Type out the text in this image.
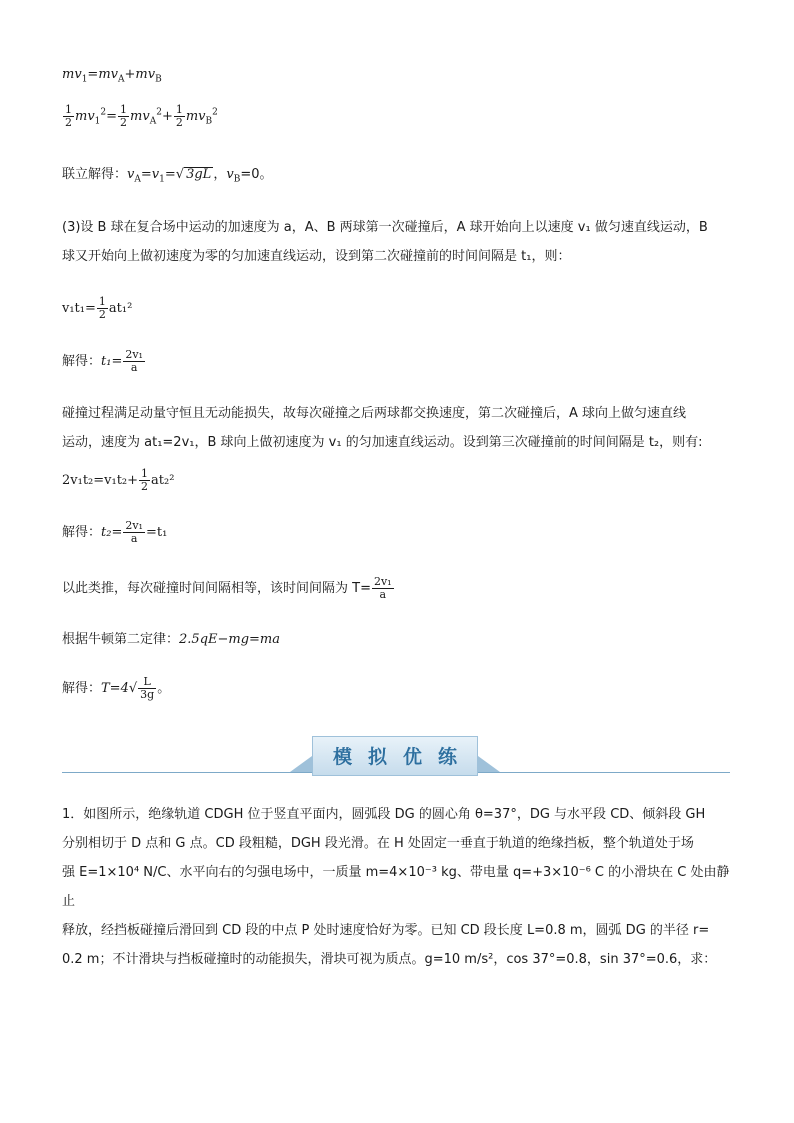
$mv_1=mv_A+mv_B$
$\frac{1}{2} mv_1^2= \frac{1}{2} mv_A^2+ \frac{1}{2} mv_B^2$
联立解得：$v_A=v_1=√$ 3gL ，$v_B=0$。
(3)设 B 球在复合场中运动的加速度为 a，A、B 两球第一次碰撞后，A 球开始向上以速度 v₁ 做匀速直线运动，B
球又开始向上做初速度为零的匀加速直线运动，设到第二次碰撞前的时间间隔是 t₁，则：
$v_1t_1= \frac{1}{2} at_1^2$
解得：$t_1= \frac{\text{2v₁}}{a}$
碰撞过程满足动量守恒且无动能损失，故每次碰撞之后两球都交换速度，第二次碰撞后，A 球向上做匀速直线
运动，速度为 at₁=2v₁，B 球向上做初速度为 v₁ 的匀加速直线运动。设到第三次碰撞前的时间间隔是 t₂，则有:
$2v_1t_2=v_1t_2+ \frac{1}{2} at_2^2$
解得：$t_2= \frac{\text{2v₁}}{a} =t_1$
以此类推，每次碰撞时间间隔相等，该时间间隔为 $T= \frac{\text{2v₁}}{a}$
根据牛顿第二定律：2.5qE−mg=ma
解得：$T=4√ \frac{L}{3g}$ 。
模拟优练
1．如图所示，绝缘轨道 CDGH 位于竖直平面内，圆弧段 DG 的圆心角 θ=37°，DG 与水平段 CD、倾斜段 GH
分别相切于 D 点和 G 点。CD 段粗糙，DGH 段光滑。在 H 处固定一垂直于轨道的绝缘挡板，整个轨道处于场
强 E=1×10⁴ N/C、水平向右的匀强电场中，一质量 m=4×10⁻³ kg、带电量 q=+3×10⁻⁶ C 的小滑块在 C 处由静止
释放，经挡板碰撞后滑回到 CD 段的中点 P 处时速度恰好为零。已知 CD 段长度 L=0.8 m，圆弧 DG 的半径 r=
0.2 m；不计滑块与挡板碰撞时的动能损失，滑块可视为质点。g=10 m/s²，cos 37°=0.8，sin 37°=0.6，求：
